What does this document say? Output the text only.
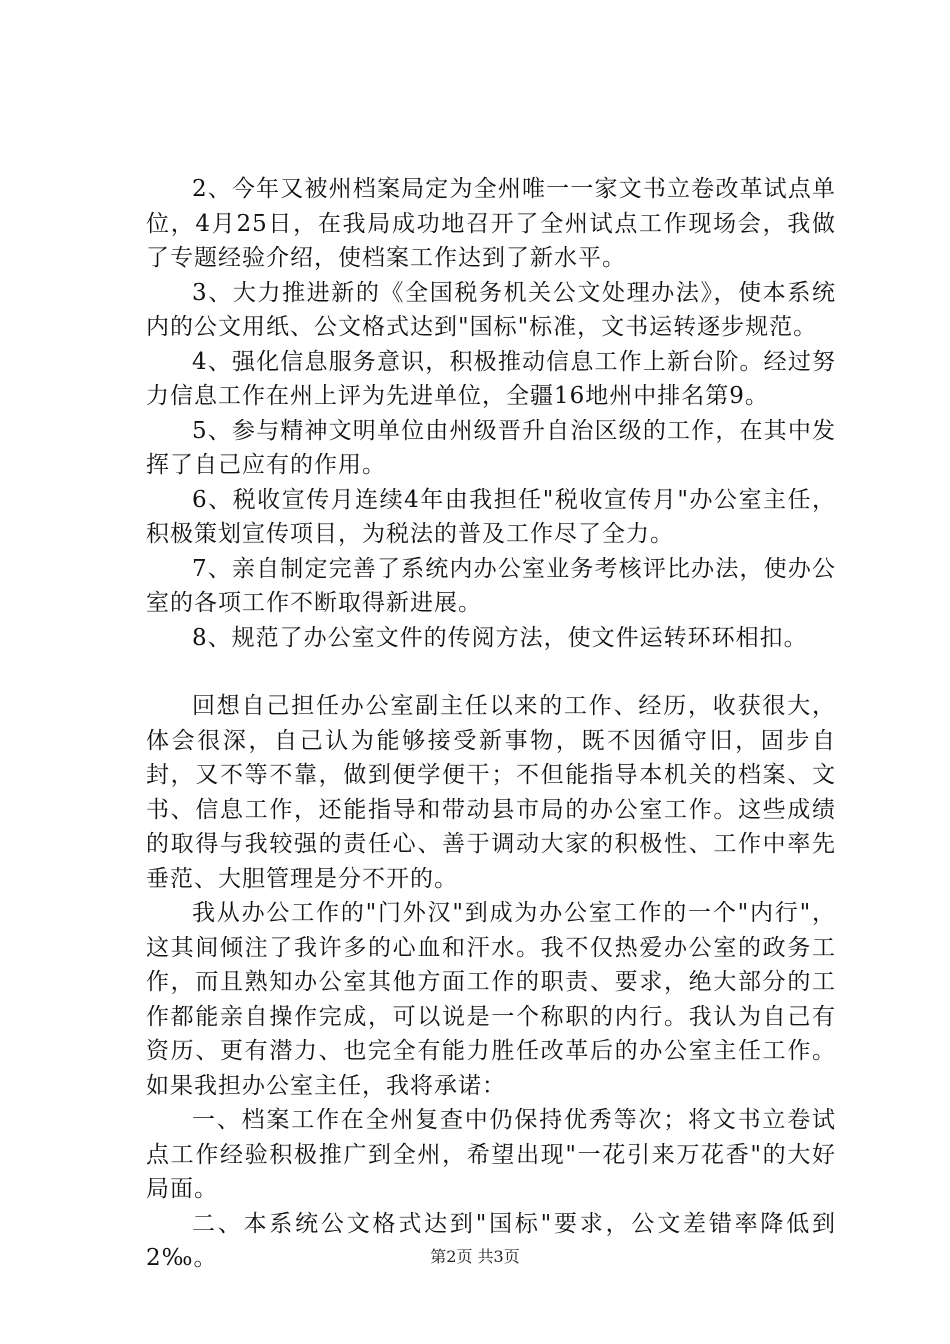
2、今年又被州档案局定为全州唯一一家文书立卷改革试点单位，4月25日，在我局成功地召开了全州试点工作现场会，我做了专题经验介绍，使档案工作达到了新水平。

3、大力推进新的《全国税务机关公文处理办法》，使本系统内的公文用纸、公文格式达到"国标"标准，文书运转逐步规范。

4、强化信息服务意识，积极推动信息工作上新台阶。经过努力信息工作在州上评为先进单位，全疆16地州中排名第9。

5、参与精神文明单位由州级晋升自治区级的工作，在其中发挥了自己应有的作用。

6、税收宣传月连续4年由我担任"税收宣传月"办公室主任，积极策划宣传项目，为税法的普及工作尽了全力。

7、亲自制定完善了系统内办公室业务考核评比办法，使办公室的各项工作不断取得新进展。

8、规范了办公室文件的传阅方法，使文件运转环环相扣。

回想自己担任办公室副主任以来的工作、经历，收获很大，体会很深，自己认为能够接受新事物，既不因循守旧，固步自封，又不等不靠，做到便学便干；不但能指导本机关的档案、文书、信息工作，还能指导和带动县市局的办公室工作。这些成绩的取得与我较强的责任心、善于调动大家的积极性、工作中率先垂范、大胆管理是分不开的。

我从办公工作的"门外汉"到成为办公室工作的一个"内行"，这其间倾注了我许多的心血和汗水。我不仅热爱办公室的政务工作，而且熟知办公室其他方面工作的职责、要求，绝大部分的工作都能亲自操作完成，可以说是一个称职的内行。我认为自己有资历、更有潜力、也完全有能力胜任改革后的办公室主任工作。如果我担办公室主任，我将承诺：

一、档案工作在全州复查中仍保持优秀等次；将文书立卷试点工作经验积极推广到全州，希望出现"一花引来万花香"的大好局面。

二、本系统公文格式达到"国标"要求，公文差错率降低到2‰。	第2页 共3页
